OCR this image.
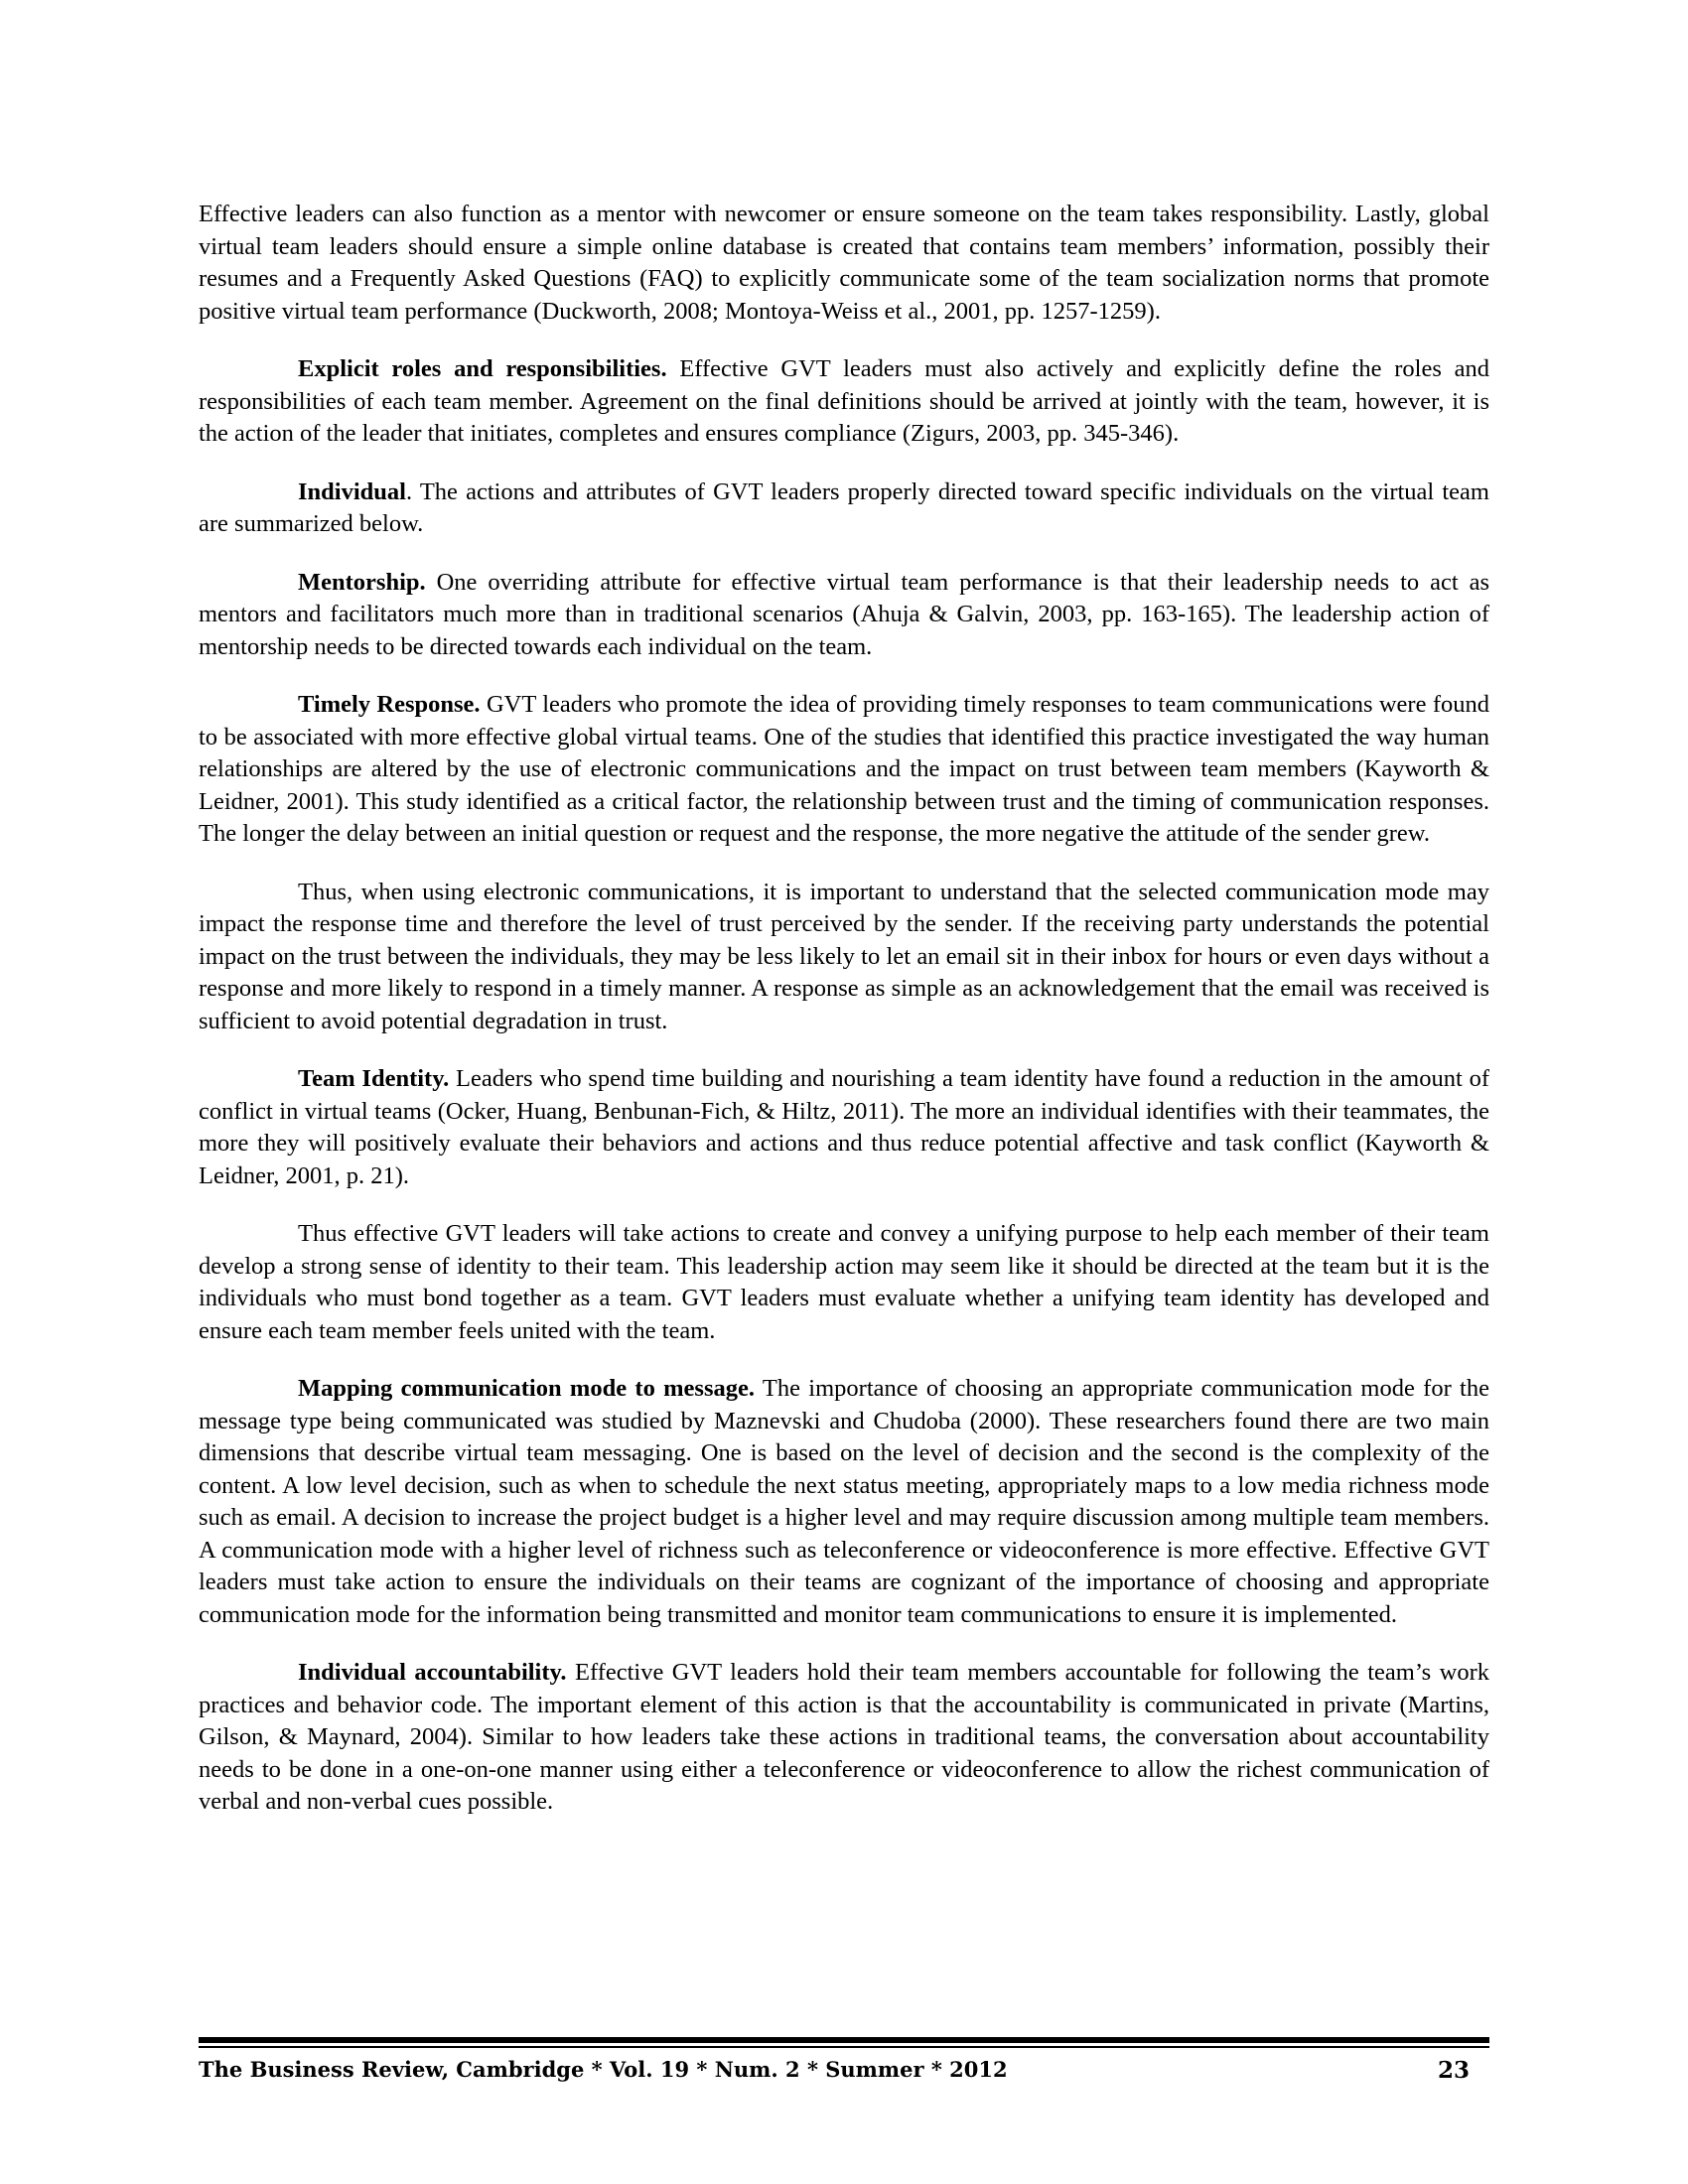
Effective leaders can also function as a mentor with newcomer or ensure someone on the team takes responsibility. Lastly, global virtual team leaders should ensure a simple online database is created that contains team members’ information, possibly their resumes and a Frequently Asked Questions (FAQ) to explicitly communicate some of the team socialization norms that promote positive virtual team performance (Duckworth, 2008; Montoya-Weiss et al., 2001, pp. 1257-1259).

Explicit roles and responsibilities. Effective GVT leaders must also actively and explicitly define the roles and responsibilities of each team member. Agreement on the final definitions should be arrived at jointly with the team, however, it is the action of the leader that initiates, completes and ensures compliance (Zigurs, 2003, pp. 345-346).

Individual. The actions and attributes of GVT leaders properly directed toward specific individuals on the virtual team are summarized below.

Mentorship. One overriding attribute for effective virtual team performance is that their leadership needs to act as mentors and facilitators much more than in traditional scenarios (Ahuja & Galvin, 2003, pp. 163-165). The leadership action of mentorship needs to be directed towards each individual on the team.

Timely Response. GVT leaders who promote the idea of providing timely responses to team communications were found to be associated with more effective global virtual teams. One of the studies that identified this practice investigated the way human relationships are altered by the use of electronic communications and the impact on trust between team members (Kayworth & Leidner, 2001). This study identified as a critical factor, the relationship between trust and the timing of communication responses. The longer the delay between an initial question or request and the response, the more negative the attitude of the sender grew.

Thus, when using electronic communications, it is important to understand that the selected communication mode may impact the response time and therefore the level of trust perceived by the sender. If the receiving party understands the potential impact on the trust between the individuals, they may be less likely to let an email sit in their inbox for hours or even days without a response and more likely to respond in a timely manner. A response as simple as an acknowledgement that the email was received is sufficient to avoid potential degradation in trust.

Team Identity. Leaders who spend time building and nourishing a team identity have found a reduction in the amount of conflict in virtual teams (Ocker, Huang, Benbunan-Fich, & Hiltz, 2011). The more an individual identifies with their teammates, the more they will positively evaluate their behaviors and actions and thus reduce potential affective and task conflict (Kayworth & Leidner, 2001, p. 21).

Thus effective GVT leaders will take actions to create and convey a unifying purpose to help each member of their team develop a strong sense of identity to their team. This leadership action may seem like it should be directed at the team but it is the individuals who must bond together as a team. GVT leaders must evaluate whether a unifying team identity has developed and ensure each team member feels united with the team.

Mapping communication mode to message. The importance of choosing an appropriate communication mode for the message type being communicated was studied by Maznevski and Chudoba (2000). These researchers found there are two main dimensions that describe virtual team messaging. One is based on the level of decision and the second is the complexity of the content. A low level decision, such as when to schedule the next status meeting, appropriately maps to a low media richness mode such as email. A decision to increase the project budget is a higher level and may require discussion among multiple team members. A communication mode with a higher level of richness such as teleconference or videoconference is more effective. Effective GVT leaders must take action to ensure the individuals on their teams are cognizant of the importance of choosing and appropriate communication mode for the information being transmitted and monitor team communications to ensure it is implemented.

Individual accountability. Effective GVT leaders hold their team members accountable for following the team’s work practices and behavior code. The important element of this action is that the accountability is communicated in private (Martins, Gilson, & Maynard, 2004). Similar to how leaders take these actions in traditional teams, the conversation about accountability needs to be done in a one-on-one manner using either a teleconference or videoconference to allow the richest communication of verbal and non-verbal cues possible.

The Business Review, Cambridge * Vol. 19 * Num. 2 * Summer * 2012	23
